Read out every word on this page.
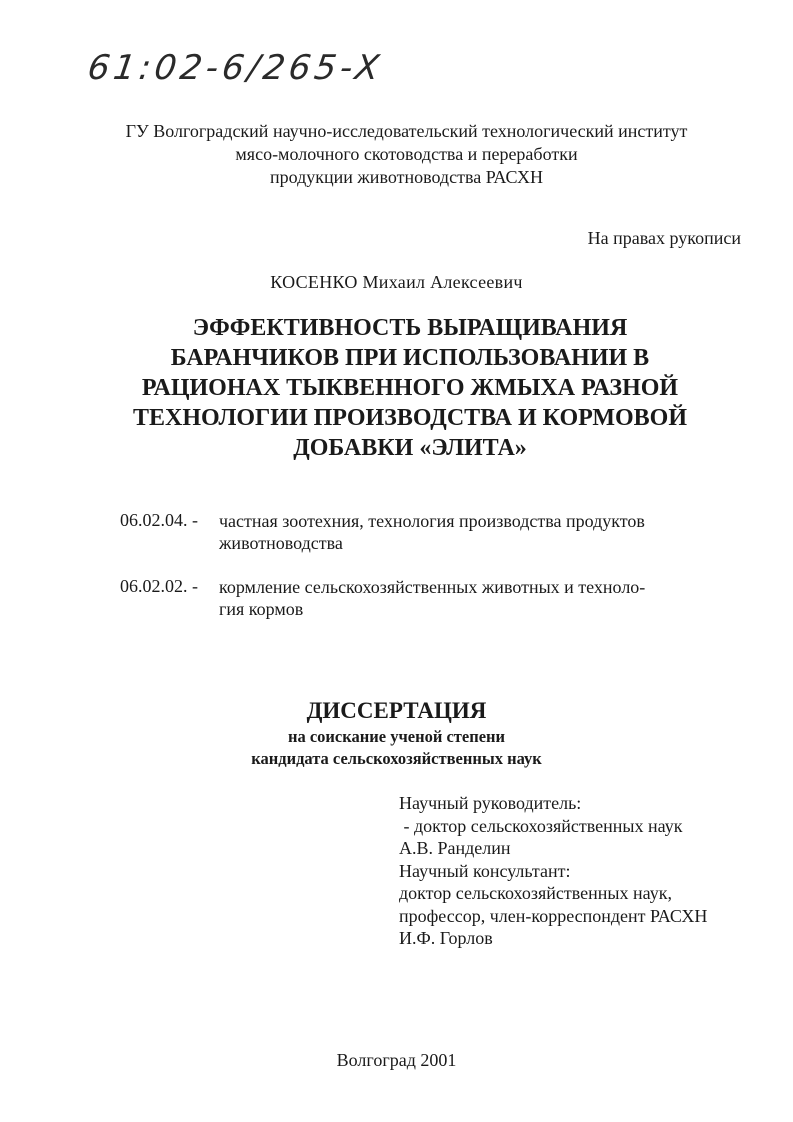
61:02-6/265-X
ГУ Волгоградский научно-исследовательский технологический институт
мясо-молочного скотоводства и переработки
продукции животноводства РАСХН
На правах рукописи
КОСЕНКО Михаил Алексеевич
ЭФФЕКТИВНОСТЬ ВЫРАЩИВАНИЯ
БАРАНЧИКОВ ПРИ ИСПОЛЬЗОВАНИИ В
РАЦИОНАХ ТЫКВЕННОГО ЖМЫХА РАЗНОЙ
ТЕХНОЛОГИИ ПРОИЗВОДСТВА И КОРМОВОЙ
ДОБАВКИ «ЭЛИТА»
06.02.04. - частная зоотехния, технология производства продуктов
животноводства
06.02.02. - кормление сельскохозяйственных животных и техноло-
гия кормов
ДИССЕРТАЦИЯ
на соискание ученой степени
кандидата сельскохозяйственных наук
Научный руководитель:
- доктор сельскохозяйственных наук
А.В. Ранделин
Научный консультант:
доктор сельскохозяйственных наук,
профессор, член-корреспондент РАСХН
И.Ф. Горлов
Волгоград 2001
